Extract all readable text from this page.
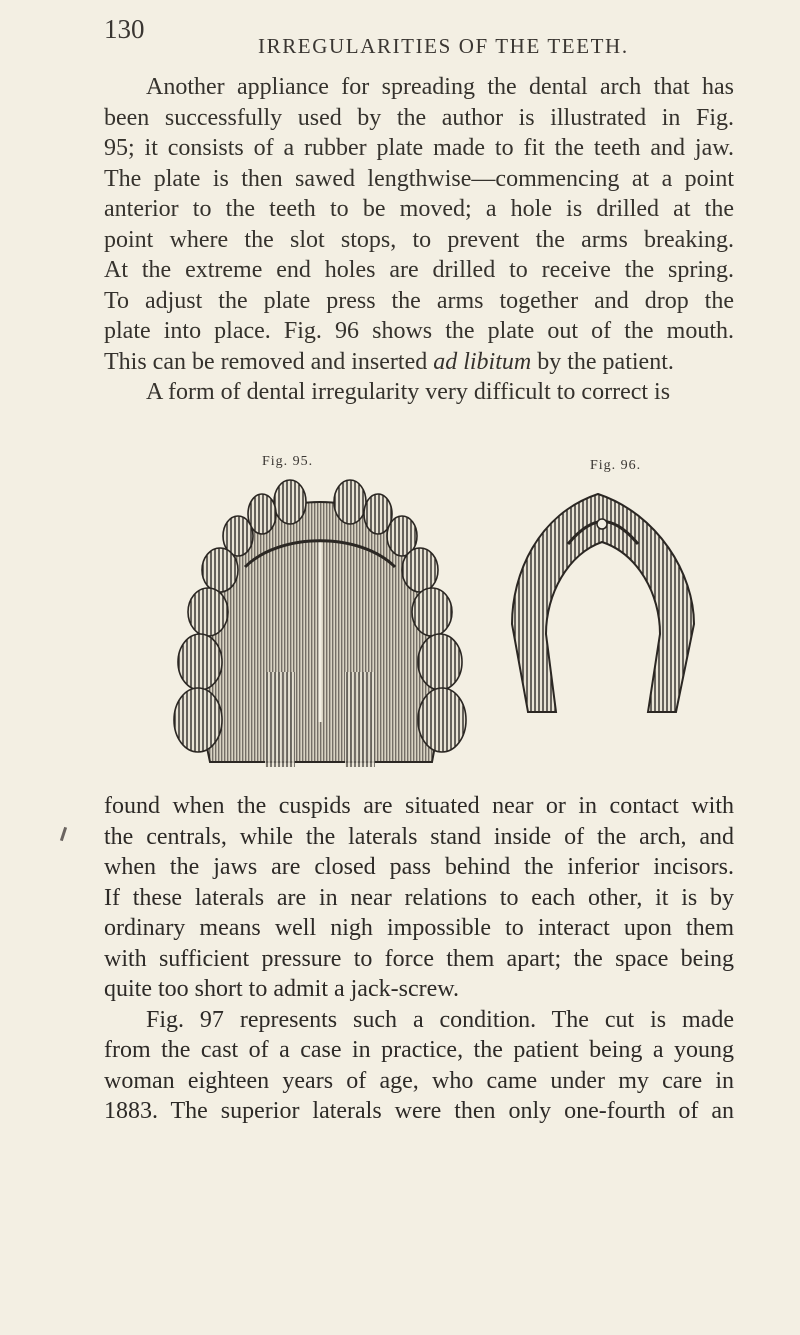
130
IRREGULARITIES OF THE TEETH.
Another appliance for spreading the dental arch that has
been successfully used by the author is illustrated in Fig.
95; it consists of a rubber plate made to fit the teeth and jaw.
The plate is then sawed lengthwise—commencing at a point
anterior to the teeth to be moved; a hole is drilled at the
point where the slot stops, to prevent the arms breaking.
At the extreme end holes are drilled to receive the spring.
To adjust the plate press the arms together and drop the
plate into place. Fig. 96 shows the plate out of the mouth.
This can be removed and inserted ad libitum by the patient.
A form of dental irregularity very difficult to correct is
Fig. 95.	Fig. 96.
found when the cuspids are situated near or in contact with
the centrals, while the laterals stand inside of the arch, and
when the jaws are closed pass behind the inferior incisors.
If these laterals are in near relations to each other, it is by
ordinary means well nigh impossible to interact upon them
with sufficient pressure to force them apart; the space being
quite too short to admit a jack-screw.
Fig. 97 represents such a condition. The cut is made
from the cast of a case in practice, the patient being a young
woman eighteen years of age, who came under my care in
1883. The superior laterals were then only one-fourth of an
